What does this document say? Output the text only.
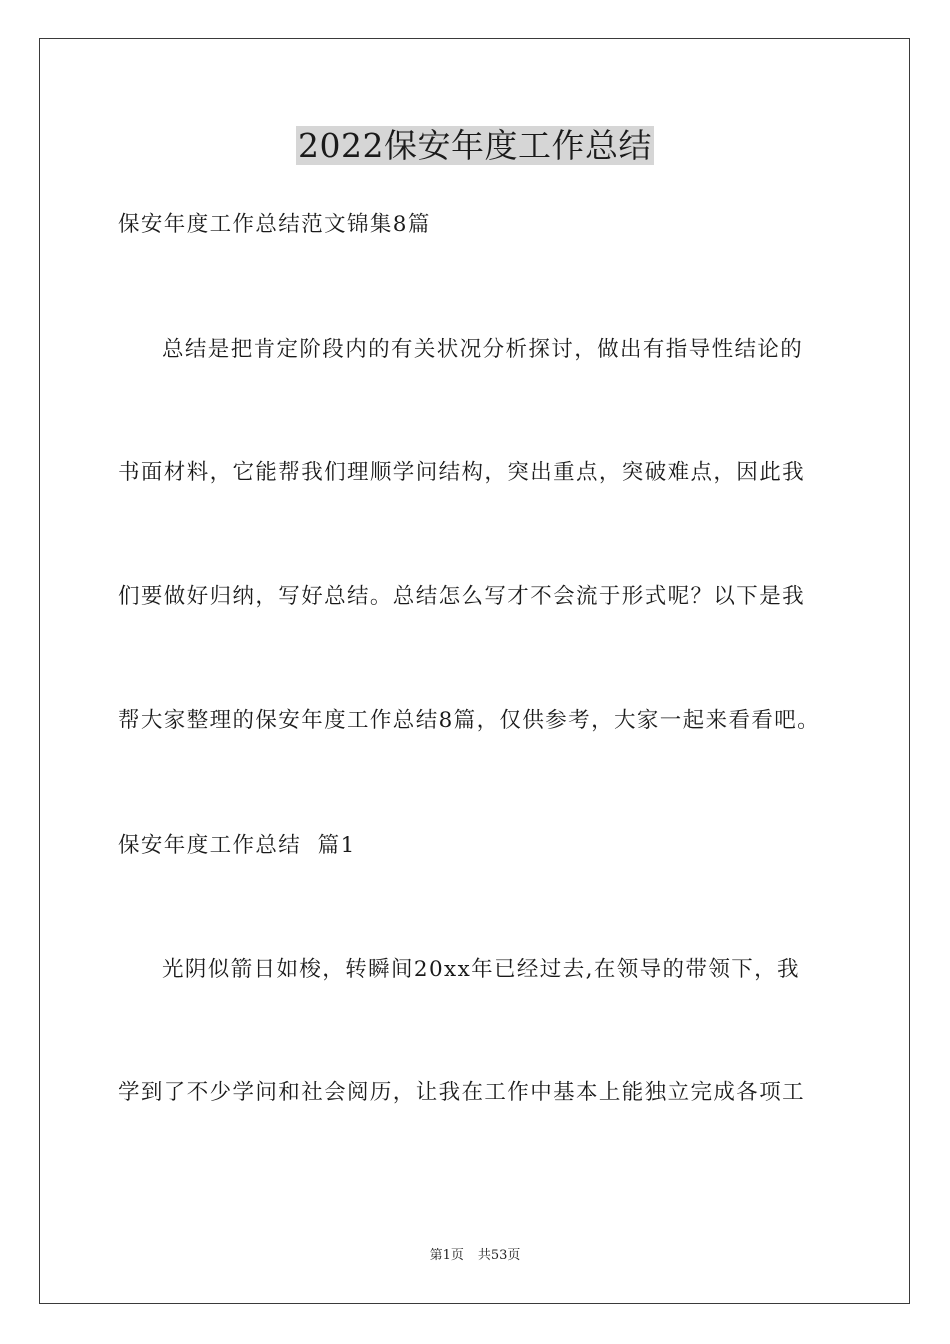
2022保安年度工作总结
保安年度工作总结范文锦集8篇
总结是把肯定阶段内的有关状况分析探讨，做出有指导性结论的
书面材料，它能帮我们理顺学问结构，突出重点，突破难点，因此我
们要做好归纳，写好总结。总结怎么写才不会流于形式呢？以下是我
帮大家整理的保安年度工作总结8篇，仅供参考，大家一起来看看吧。
保安年度工作总结  篇1
光阴似箭日如梭，转瞬间20xx年已经过去,在领导的带领下，我
学到了不少学问和社会阅历，让我在工作中基本上能独立完成各项工
第1页 共53页
